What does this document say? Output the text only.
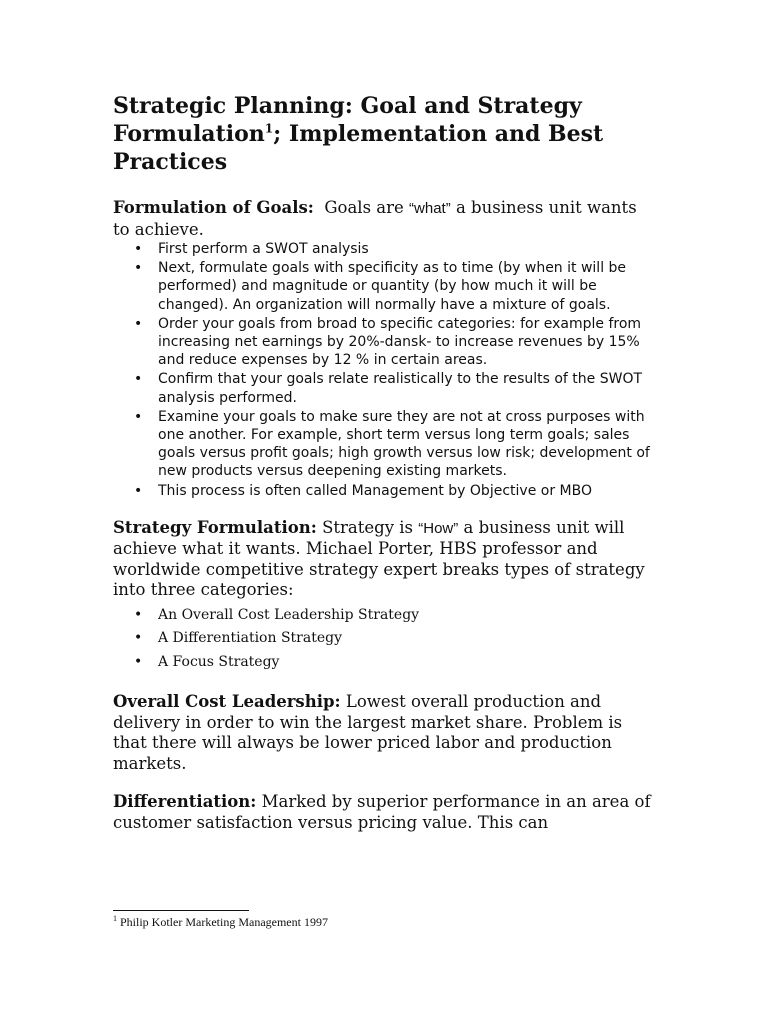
Strategic Planning: Goal and Strategy Formulation$^1$; Implementation and Best Practices

Formulation of Goals: Goals are “what” a business unit wants to achieve.

• First perform a SWOT analysis
• Next, formulate goals with specificity as to time (by when it will be performed) and magnitude or quantity (by how much it will be changed). An organization will normally have a mixture of goals.
• Order your goals from broad to specific categories: for example from increasing net earnings by 20%-dansk- to increase revenues by 15% and reduce expenses by 12 % in certain areas.
• Confirm that your goals relate realistically to the results of the SWOT analysis performed.
• Examine your goals to make sure they are not at cross purposes with one another. For example, short term versus long term goals; sales goals versus profit goals; high growth versus low risk; development of new products versus deepening existing markets.
• This process is often called Management by Objective or MBO

Strategy Formulation: Strategy is “How” a business unit will achieve what it wants. Michael Porter, HBS professor and worldwide competitive strategy expert breaks types of strategy into three categories:

• An Overall Cost Leadership Strategy
• A Differentiation Strategy
• A Focus Strategy

Overall Cost Leadership: Lowest overall production and delivery in order to win the largest market share. Problem is that there will always be lower priced labor and production markets.

Differentiation: Marked by superior performance in an area of customer satisfaction versus pricing value. This can

$^1$ Philip Kotler Marketing Management 1997
